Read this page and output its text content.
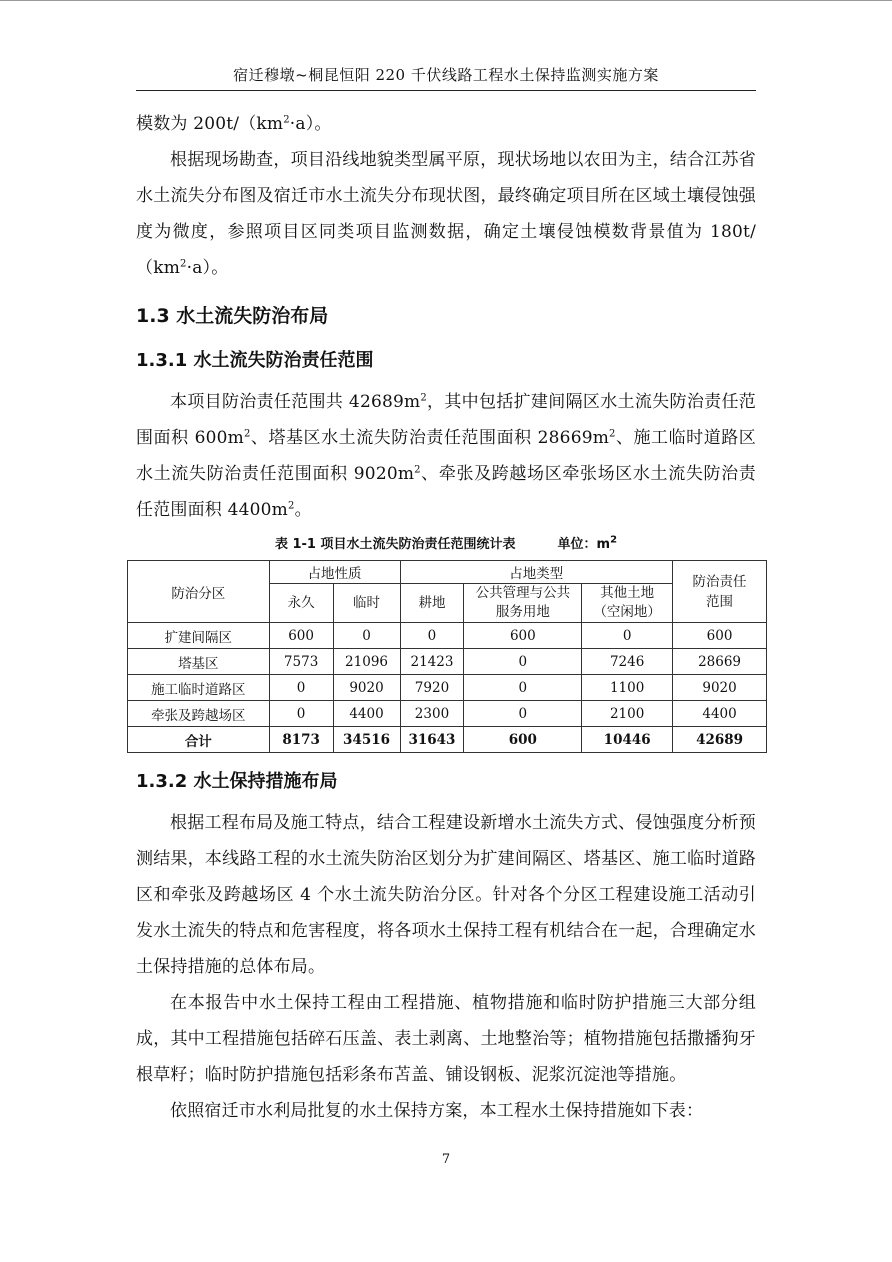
宿迁穆墩~桐昆恒阳 220 千伏线路工程水土保持监测实施方案

模数为 $200t/(km^2\cdot a)$。

根据现场勘查，项目沿线地貌类型属平原，现状场地以农田为主，结合江苏省水土流失分布图及宿迁市水土流失分布现状图，最终确定项目所在区域土壤侵蚀强度为微度，参照项目区同类项目监测数据，确定土壤侵蚀模数背景值为 $180t/(km^2\cdot a)$。

1.3 水土流失防治布局
1.3.1 水土流失防治责任范围

本项目防治责任范围共 $42689m^2$，其中包括扩建间隔区水土流失防治责任范围面积 $600m^2$、塔基区水土流失防治责任范围面积 $28669m^2$、施工临时道路区水土流失防治责任范围面积 $9020m^2$、牵张及跨越场区牵张场区水土流失防治责任范围面积 $4400m^2$。

表 1-1 项目水土流失防治责任范围统计表	单位：$m^2$
防治分区	占地性质		占地类型			防治责任范围
	永久	临时	耕地	公共管理与公共服务用地	其他土地（空闲地）	
扩建间隔区	600	0	0	600	0	600
塔基区	7573	21096	21423	0	7246	28669
施工临时道路区	0	9020	7920	0	1100	9020
牵张及跨越场区	0	4400	2300	0	2100	4400
合计	8173	34516	31643	600	10446	42689
1.3.2 水土保持措施布局

根据工程布局及施工特点，结合工程建设新增水土流失方式、侵蚀强度分析预测结果，本线路工程的水土流失防治区划分为扩建间隔区、塔基区、施工临时道路区和牵张及跨越场区 4 个水土流失防治分区。针对各个分区工程建设施工活动引发水土流失的特点和危害程度，将各项水土保持工程有机结合在一起，合理确定水土保持措施的总体布局。

在本报告中水土保持工程由工程措施、植物措施和临时防护措施三大部分组成，其中工程措施包括碎石压盖、表土剥离、土地整治等；植物措施包括撒播狗牙根草籽；临时防护措施包括彩条布苫盖、铺设钢板、泥浆沉淀池等措施。

依照宿迁市水利局批复的水土保持方案，本工程水土保持措施如下表：

7
